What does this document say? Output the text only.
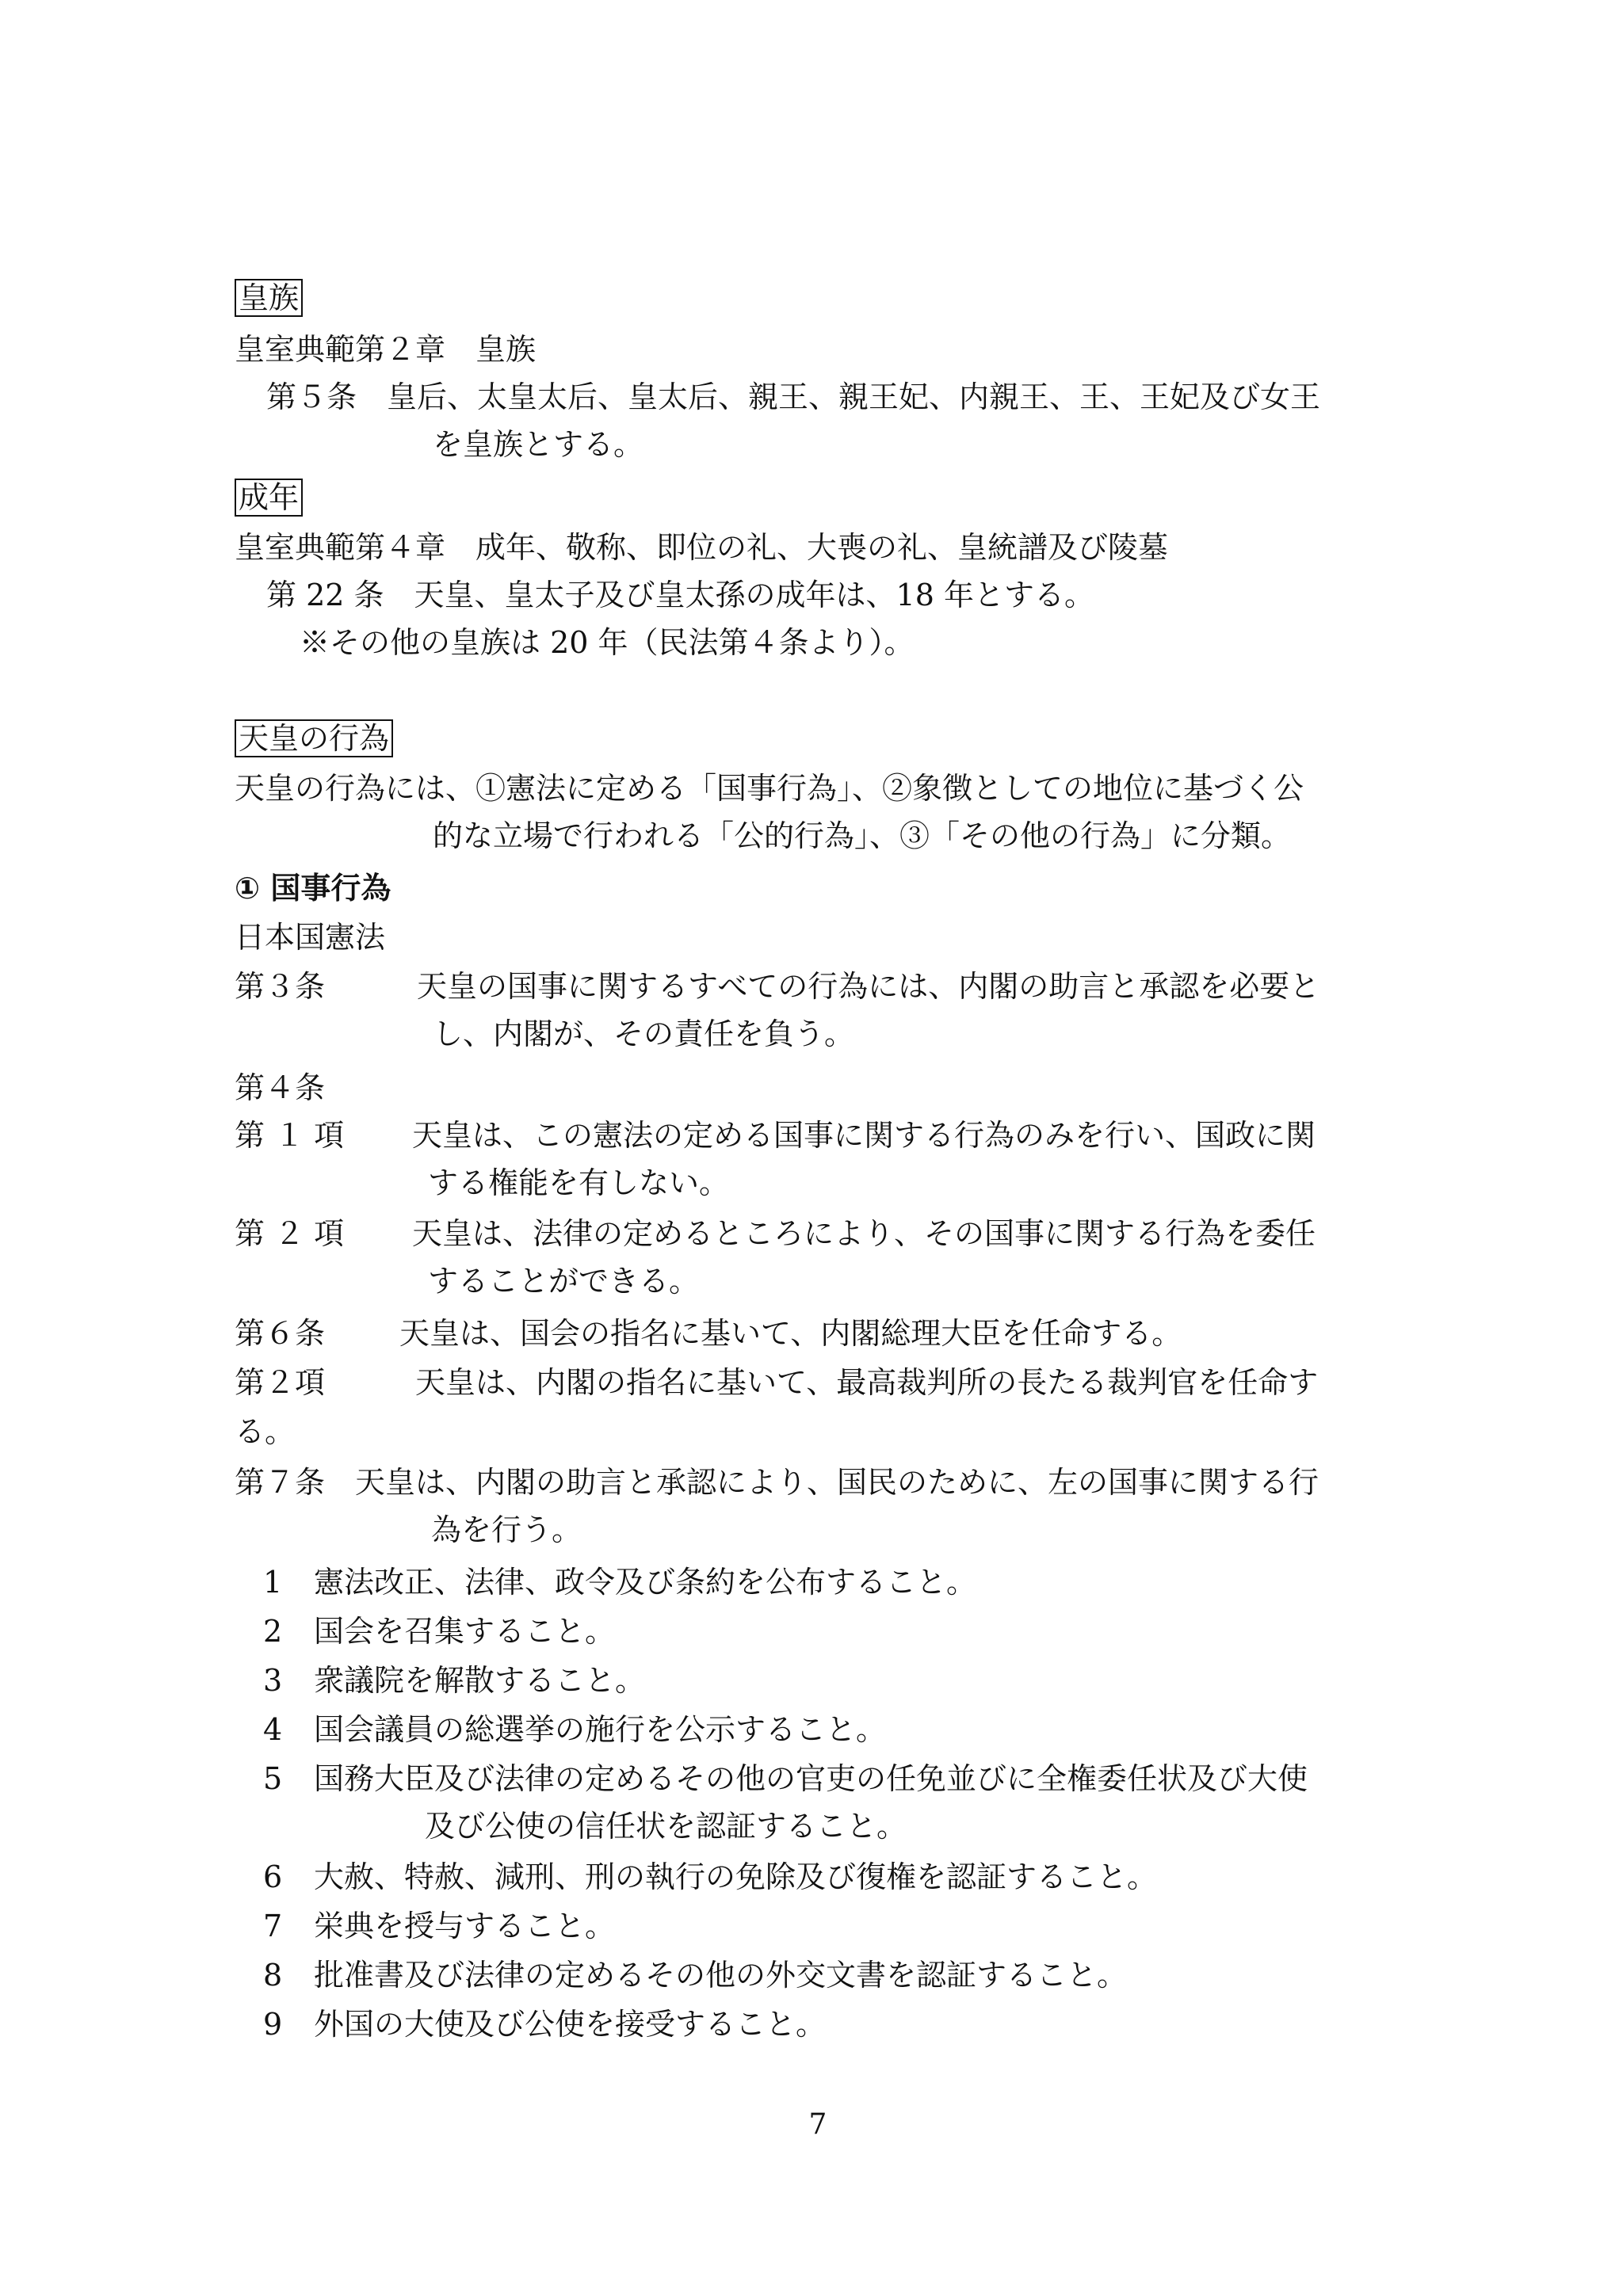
皇族
皇室典範第２章　皇族
第５条　皇后、太皇太后、皇太后、親王、親王妃、内親王、王、王妃及び女王
を皇族とする。
成年
皇室典範第４章　成年、敬称、即位の礼、大喪の礼、皇統譜及び陵墓
第 22 条　天皇、皇太子及び皇太孫の成年は、18 年とする。
※その他の皇族は 20 年（民法第４条より）。
天皇の行為
天皇の行為には、①憲法に定める「国事行為」、②象徴としての地位に基づく公
的な立場で行われる「公的行為」、③「その他の行為」に分類。
① 国事行為
日本国憲法
第３条	天皇の国事に関するすべての行為には、内閣の助言と承認を必要と
し、内閣が、その責任を負う。
第４条
第 １ 項 天皇は、この憲法の定める国事に関する行為のみを行い、国政に関
する権能を有しない。
第 ２ 項 天皇は、法律の定めるところにより、その国事に関する行為を委任
することができる。
第６条 天皇は、国会の指名に基いて、内閣総理大臣を任命する。
第２項	天皇は、内閣の指名に基いて、最高裁判所の長たる裁判官を任命す
る。
第７条　天皇は、内閣の助言と承認により、国民のために、左の国事に関する行
為を行う。
1 憲法改正、法律、政令及び条約を公布すること。
2 国会を召集すること。
3 衆議院を解散すること。
4 国会議員の総選挙の施行を公示すること。
5 国務大臣及び法律の定めるその他の官吏の任免並びに全権委任状及び大使
及び公使の信任状を認証すること。
6 大赦、特赦、減刑、刑の執行の免除及び復権を認証すること。
7 栄典を授与すること。
8 批准書及び法律の定めるその他の外交文書を認証すること。
9 外国の大使及び公使を接受すること。
7
